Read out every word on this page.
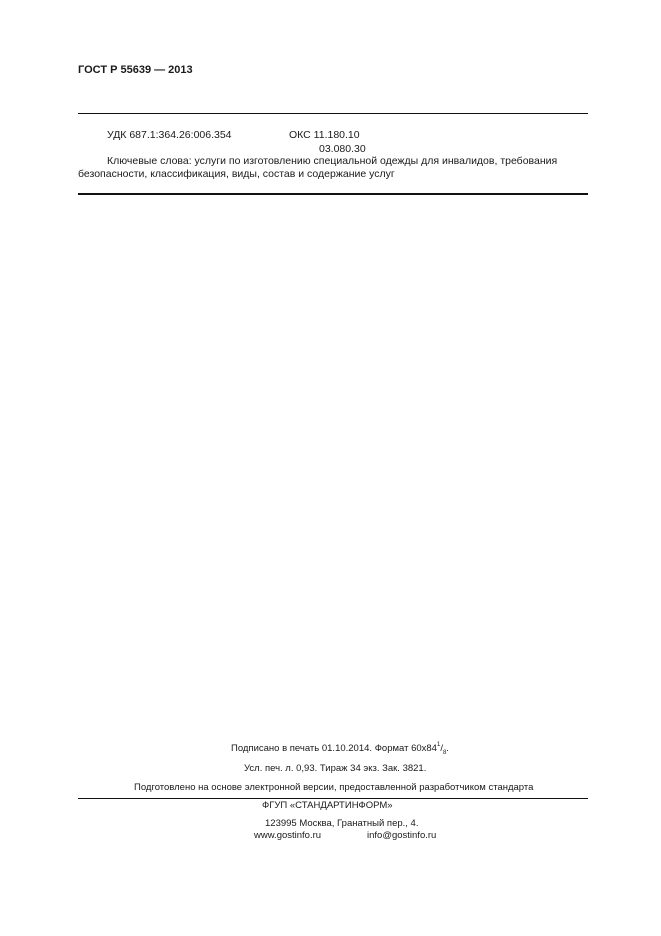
ГОСТ Р 55639 — 2013
УДК 687.1:364.26:006.354	ОКС 11.180.10
03.080.30
Ключевые слова: услуги по изготовлению специальной одежды для инвалидов, требования безопасности, классификация, виды, состав и содержание услуг
Подписано в печать 01.10.2014. Формат $60x84^1/_8$.
Усл. печ. л. 0,93. Тираж 34 экз. Зак. 3821.
Подготовлено на основе электронной версии, предоставленной разработчиком стандарта
ФГУП «СТАНДАРТИНФОРМ»
123995 Москва, Гранатный пер., 4.
www.gostinfo.ru	info@gostinfo.ru
